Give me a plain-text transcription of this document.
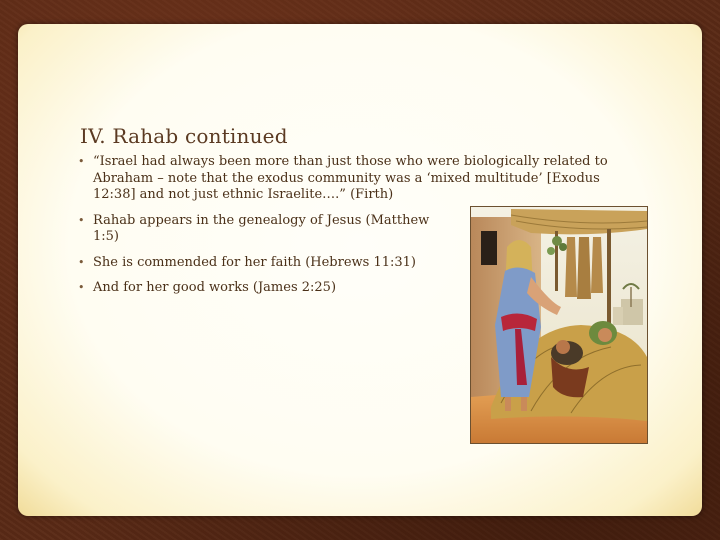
IV. Rahab continued
• “Israel had always been more than just those who were biologically related to Abraham – note that the exodus community was a ‘mixed multitude’ [Exodus 12:38] and not just ethnic Israelite….” (Firth)
• Rahab appears in the genealogy of Jesus (Matthew 1:5)
• She is commended for her faith (Hebrews 11:31)
• And for her good works (James 2:25)
